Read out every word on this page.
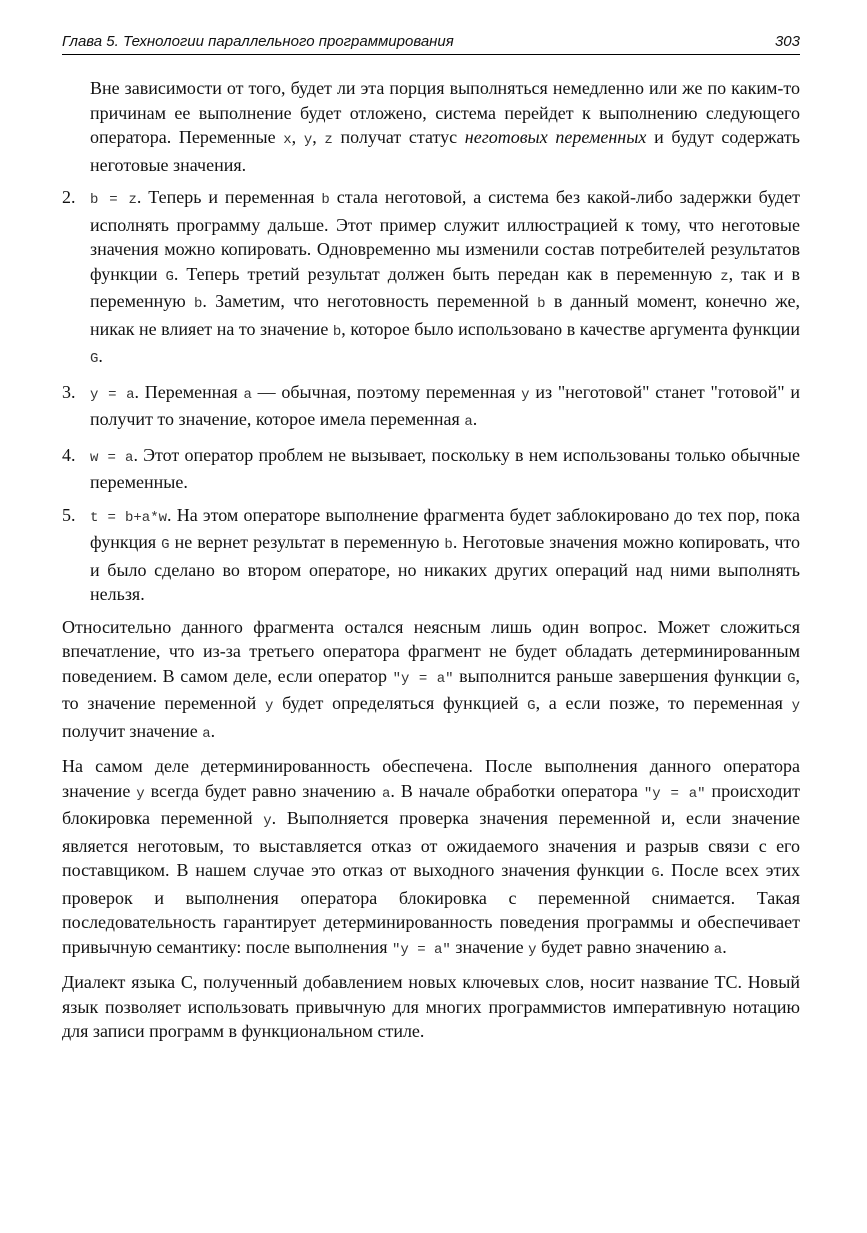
Глава 5. Технологии параллельного программирования	303

Вне зависимости от того, будет ли эта порция выполняться немедленно или же по каким-то причинам ее выполнение будет отложено, система перейдет к выполнению следующего оператора. Переменные x, y, z получат статус неготовых переменных и будут содержать неготовые значения.

2. b = z. Теперь и переменная b стала неготовой, а система без какой-либо задержки будет исполнять программу дальше. Этот пример служит иллюстрацией к тому, что неготовые значения можно копировать. Одновременно мы изменили состав потребителей результатов функции G. Теперь третий результат должен быть передан как в переменную z, так и в переменную b. Заметим, что неготовность переменной b в данный момент, конечно же, никак не влияет на то значение b, которое было использовано в качестве аргумента функции G.

3. y = a. Переменная a — обычная, поэтому переменная y из "неготовой" станет "готовой" и получит то значение, которое имела переменная a.

4. w = a. Этот оператор проблем не вызывает, поскольку в нем использованы только обычные переменные.

5. t = b+a*w. На этом операторе выполнение фрагмента будет заблокировано до тех пор, пока функция G не вернет результат в переменную b. Неготовые значения можно копировать, что и было сделано во втором операторе, но никаких других операций над ними выполнять нельзя.

Относительно данного фрагмента остался неясным лишь один вопрос. Может сложиться впечатление, что из-за третьего оператора фрагмент не будет обладать детерминированным поведением. В самом деле, если оператор "y = a" выполнится раньше завершения функции G, то значение переменной y будет определяться функцией G, а если позже, то переменная y получит значение a.

На самом деле детерминированность обеспечена. После выполнения данного оператора значение y всегда будет равно значению a. В начале обработки оператора "y = a" происходит блокировка переменной y. Выполняется проверка значения переменной и, если значение является неготовым, то выставляется отказ от ожидаемого значения и разрыв связи с его поставщиком. В нашем случае это отказ от выходного значения функции G. После всех этих проверок и выполнения оператора блокировка с переменной снимается. Такая последовательность гарантирует детерминированность поведения программы и обеспечивает привычную семантику: после выполнения "y = a" значение y будет равно значению a.

Диалект языка С, полученный добавлением новых ключевых слов, носит название ТС. Новый язык позволяет использовать привычную для многих программистов императивную нотацию для записи программ в функциональном стиле.
